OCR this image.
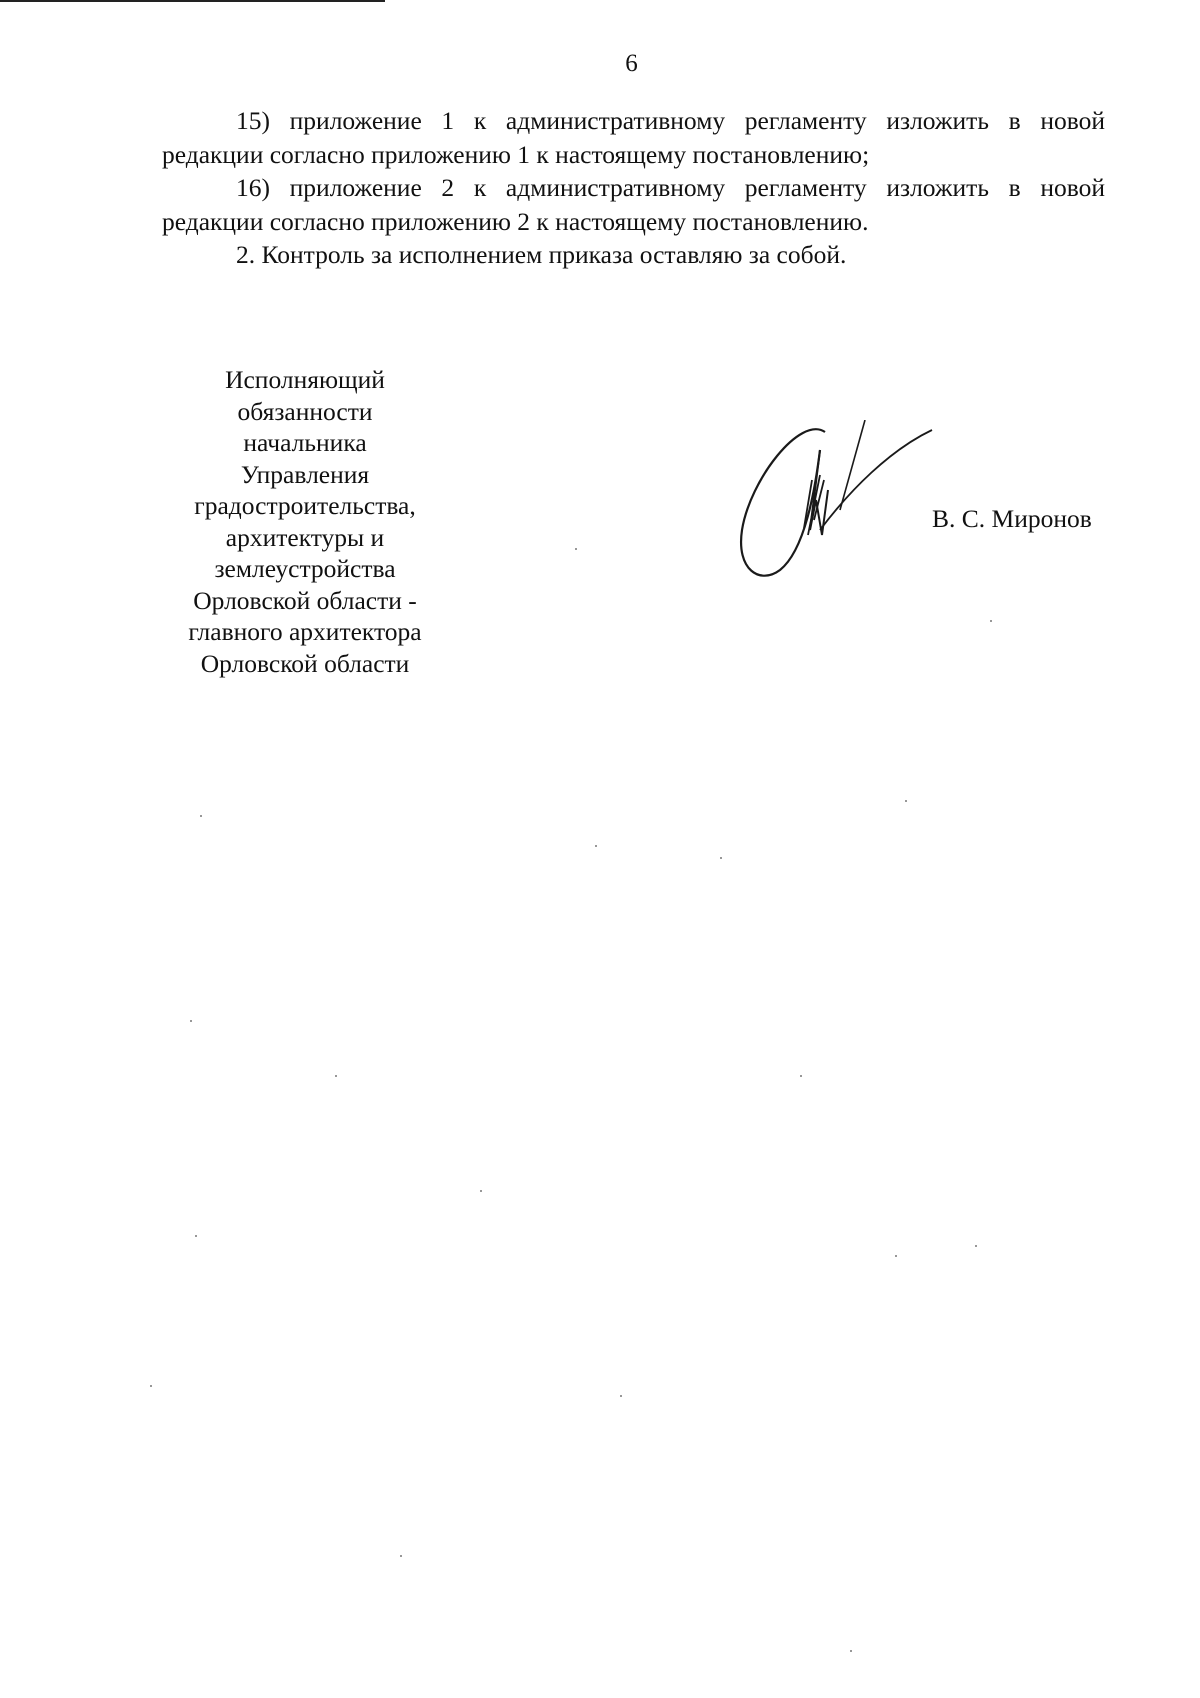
6

15) приложение 1 к административному регламенту изложить в новой редакции согласно приложению 1 к настоящему постановлению;

16) приложение 2 к административному регламенту изложить в новой редакции согласно приложению 2 к настоящему постановлению.

2. Контроль за исполнением приказа оставляю за собой.

Исполняющий
обязанности
начальника
Управления
градостроительства,
архитектуры и
землеустройства
Орловской области -
главного архитектора
Орловской области
В. С. Миронов
